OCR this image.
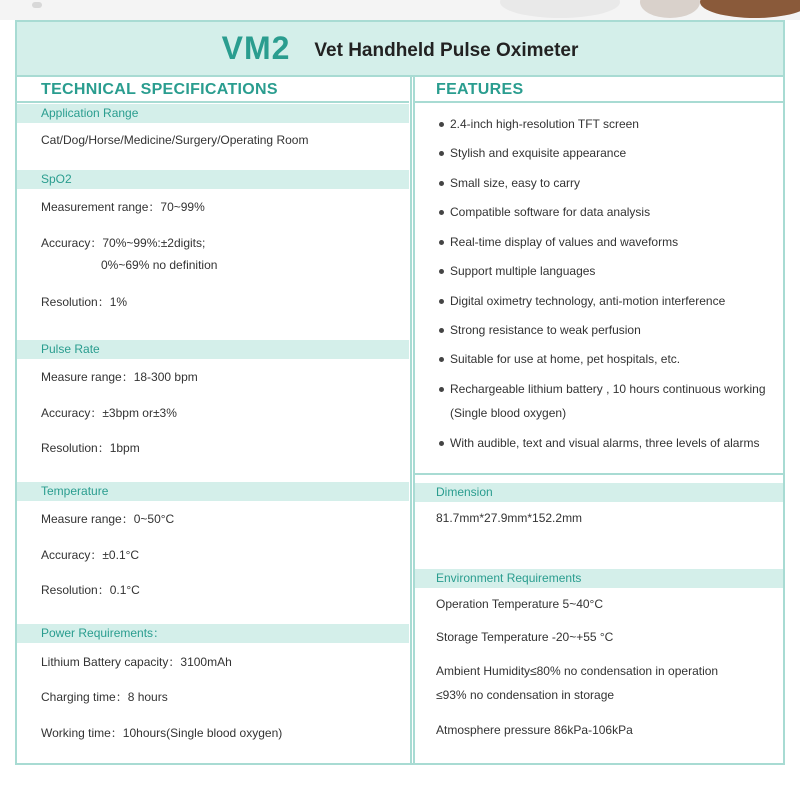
VM2 Vet Handheld Pulse Oximeter
TECHNICAL SPECIFICATIONS
Application Range
Cat/Dog/Horse/Medicine/Surgery/Operating Room
SpO2
Measurement range：70~99%
Accuracy：70%~99%:±2digits;
0%~69% no definition
Resolution：1%
Pulse Rate
Measure range：18-300 bpm
Accuracy：±3bpm or±3%
Resolution：1bpm
Temperature
Measure range：0~50°C
Accuracy：±0.1°C
Resolution：0.1°C
Power Requirements：
Lithium Battery capacity：3100mAh
Charging time：8 hours
Working time：10hours(Single blood oxygen)
FEATURES
2.4-inch high-resolution TFT screen
Stylish and exquisite appearance
Small size, easy to carry
Compatible software for data analysis
Real-time display of values and waveforms
Support multiple languages
Digital oximetry technology, anti-motion interference
Strong resistance to weak perfusion
Suitable for use at home, pet hospitals, etc.
Rechargeable lithium battery , 10 hours continuous working
(Single blood oxygen)
With audible, text and visual alarms, three levels of alarms
Dimension
81.7mm*27.9mm*152.2mm
Environment Requirements
Operation Temperature 5~40°C
Storage Temperature -20~+55 °C
Ambient Humidity≤80% no condensation in operation
≤93% no condensation in storage
Atmosphere pressure 86kPa-106kPa
